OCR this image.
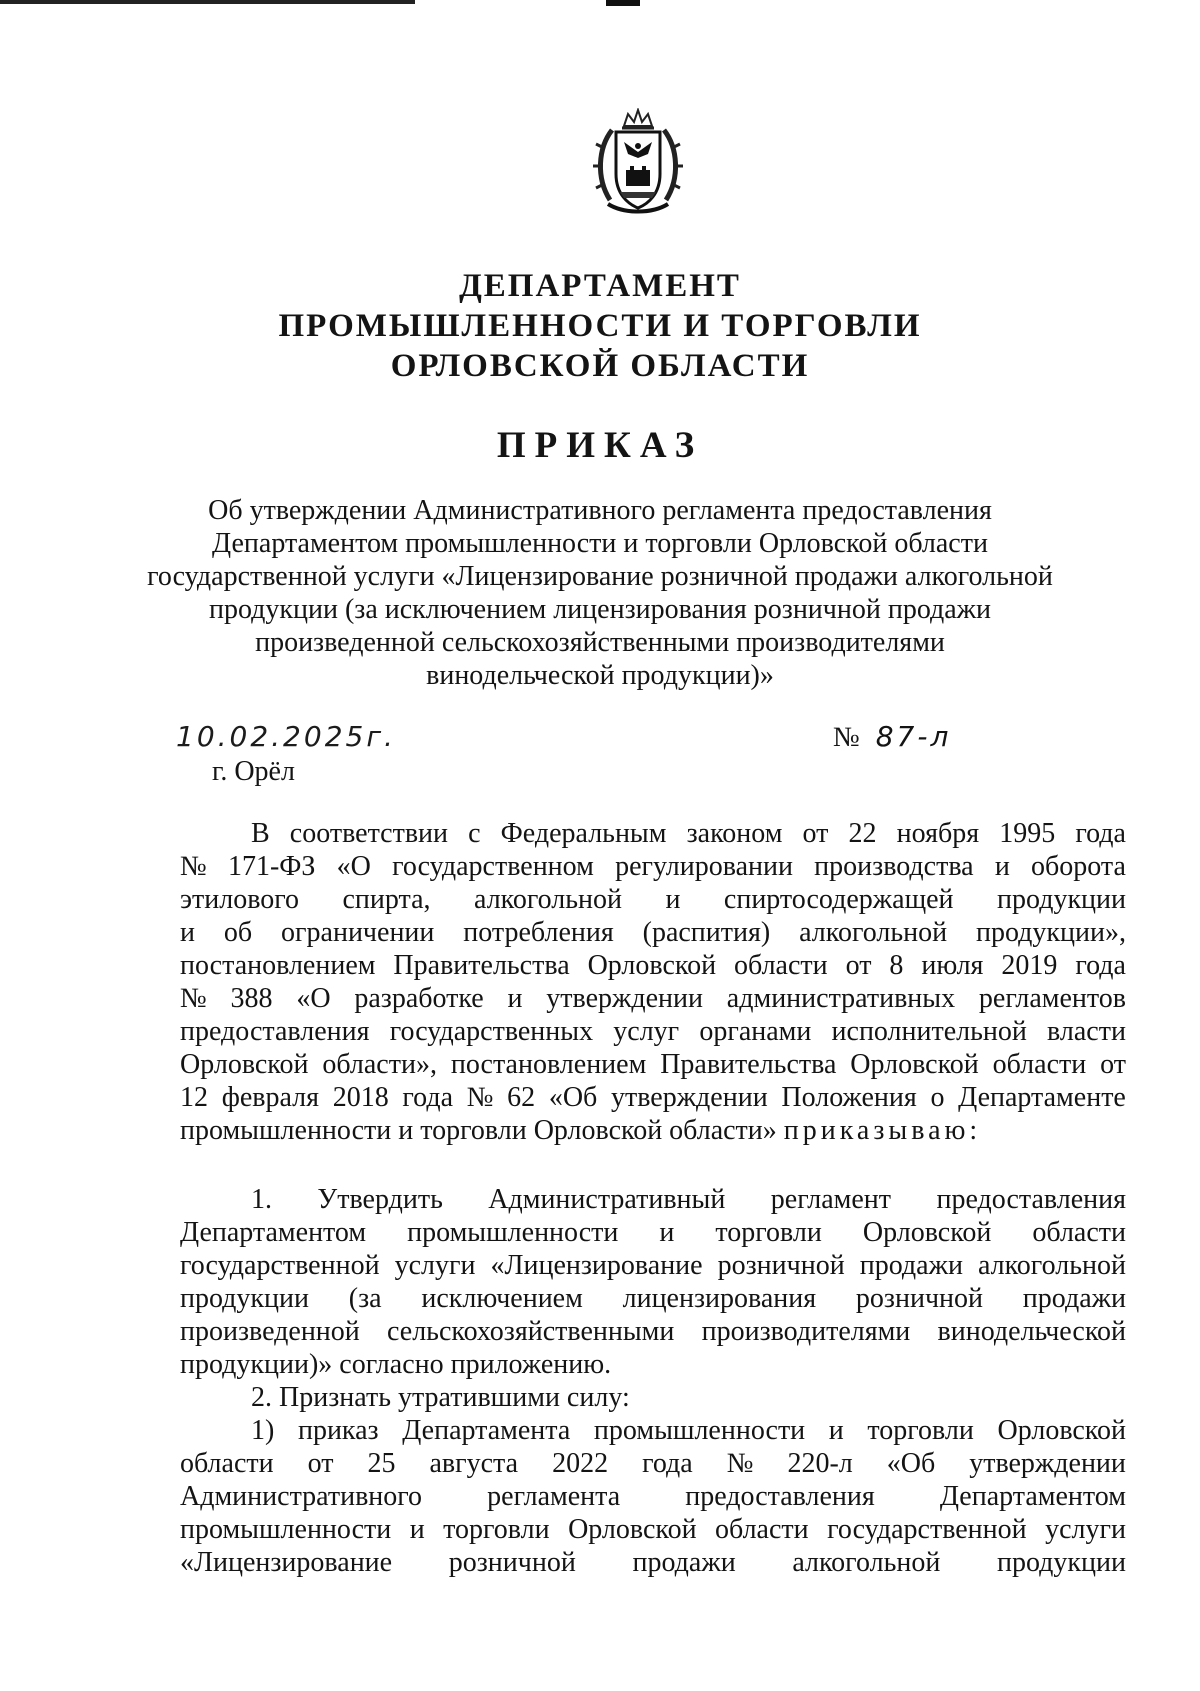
ДЕПАРТАМЕНТ
ПРОМЫШЛЕННОСТИ И ТОРГОВЛИ
ОРЛОВСКОЙ ОБЛАСТИ
ПРИКАЗ
Об утверждении Административного регламента предоставления
Департаментом промышленности и торговли Орловской области
государственной услуги «Лицензирование розничной продажи алкогольной
продукции (за исключением лицензирования розничной продажи
произведенной сельскохозяйственными производителями
винодельческой продукции)»
10.02.2025г.	№ 87-л
г. Орёл
В соответствии с Федеральным законом от 22 ноября 1995 года
№ 171-ФЗ «О государственном регулировании производства и оборота
этилового спирта, алкогольной и спиртосодержащей продукции
и об ограничении потребления (распития) алкогольной продукции»,
постановлением Правительства Орловской области от 8 июля 2019 года
№ 388 «О разработке и утверждении административных регламентов
предоставления государственных услуг органами исполнительной власти
Орловской области», постановлением Правительства Орловской области от
12 февраля 2018 года № 62 «Об утверждении Положения о Департаменте
промышленности и торговли Орловской области»
приказываю:
1. Утвердить Административный регламент предоставления
Департаментом промышленности и торговли Орловской области
государственной услуги «Лицензирование розничной продажи алкогольной
продукции (за исключением лицензирования розничной продажи
произведенной сельскохозяйственными производителями винодельческой
продукции)» согласно приложению.
2. Признать утратившими силу:
1) приказ Департамента промышленности и торговли Орловской
области от 25 августа 2022 года № 220-л «Об утверждении
Административного регламента предоставления Департаментом
промышленности и торговли Орловской области государственной услуги
«Лицензирование розничной продажи алкогольной продукции
